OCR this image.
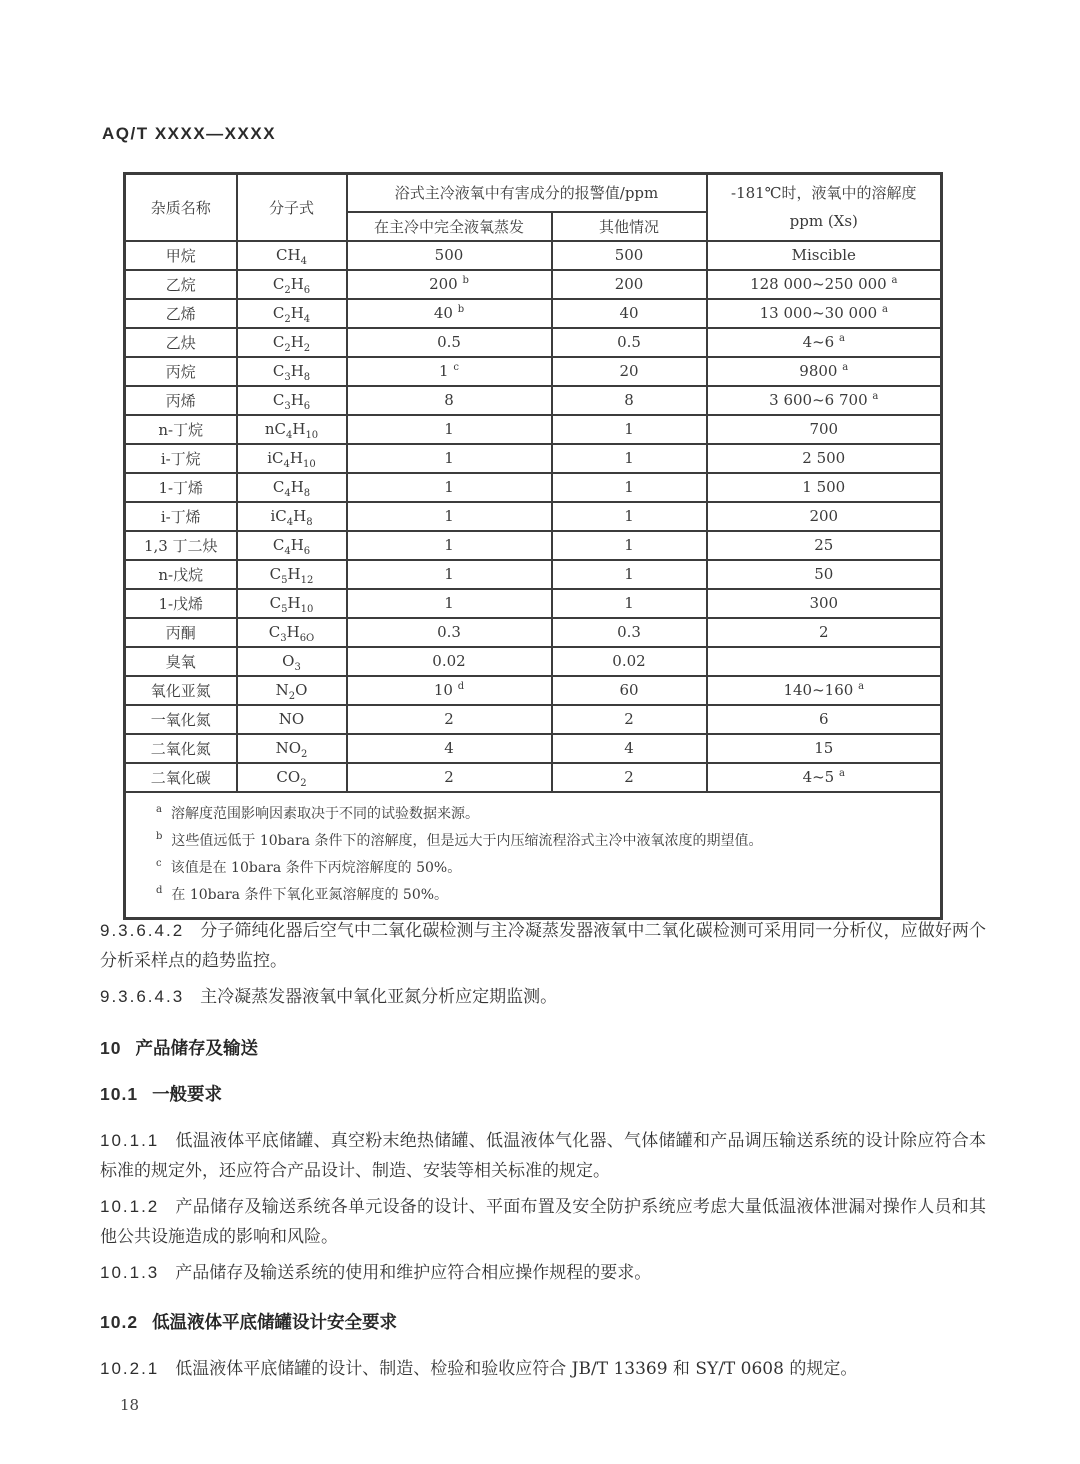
AQ/T XXXX—XXXX
杂质名称	分子式	浴式主冷液氧中有害成分的报警值/ppm		-181℃时，液氧中的溶解度
ppm (Xs)
		在主冷中完全液氧蒸发	其他情况	
甲烷	$CH_4$	500	500	Miscible
乙烷	$C_2H_6$	200 $^b$	200	128 000~250 000 $^a$
乙烯	$C_2H_4$	40 $^b$	40	13 000~30 000 $^a$
乙炔	$C_2H_2$	0.5	0.5	4~6 $^a$
丙烷	$C_3H_8$	1 $^c$	20	9800 $^a$
丙烯	$C_3H_6$	8	8	3 600~6 700 $^a$
n-丁烷	$nC_4H_{10}$	1	1	700
i-丁烷	$iC_4H_{10}$	1	1	2 500
1-丁烯	$C_4H_8$	1	1	1 500
i-丁烯	$iC_4H_8$	1	1	200
1,3 丁二炔	$C_4H_6$	1	1	25
n-戊烷	$C_5H_{12}$	1	1	50
1-戊烯	$C_5H_{10}$	1	1	300
丙酮	$C_3H_{6O}$	0.3	0.3	2
臭氧	$O_3$	0.02	0.02	
氧化亚氮	$N_2O$	10 $^d$	60	140~160 $^a$
一氧化氮	NO	2	2	6
二氧化氮	$NO_2$	4	4	15
二氧化碳	$CO_2$	2	2	4~5 $^a$

$^a$ 溶解度范围影响因素取决于不同的试验数据来源。
$^b$ 这些值远低于 10bara 条件下的溶解度，但是远大于内压缩流程浴式主冷中液氧浓度的期望值。
$^c$ 该值是在 10bara 条件下丙烷溶解度的 50%。
$^d$ 在 10bara 条件下氧化亚氮溶解度的 50%。				

9.3.6.4.2 分子筛纯化器后空气中二氧化碳检测与主冷凝蒸发器液氧中二氧化碳检测可采用同一分析仪，应做好两个分析采样点的趋势监控。

9.3.6.4.3 主冷凝蒸发器液氧中氧化亚氮分析应定期监测。

10 产品储存及输送
10.1 一般要求

10.1.1 低温液体平底储罐、真空粉末绝热储罐、低温液体气化器、气体储罐和产品调压输送系统的设计除应符合本标准的规定外，还应符合产品设计、制造、安装等相关标准的规定。

10.1.2 产品储存及输送系统各单元设备的设计、平面布置及安全防护系统应考虑大量低温液体泄漏对操作人员和其他公共设施造成的影响和风险。

10.1.3 产品储存及输送系统的使用和维护应符合相应操作规程的要求。

10.2 低温液体平底储罐设计安全要求

10.2.1 低温液体平底储罐的设计、制造、检验和验收应符合 JB/T 13369 和 SY/T 0608 的规定。

18
